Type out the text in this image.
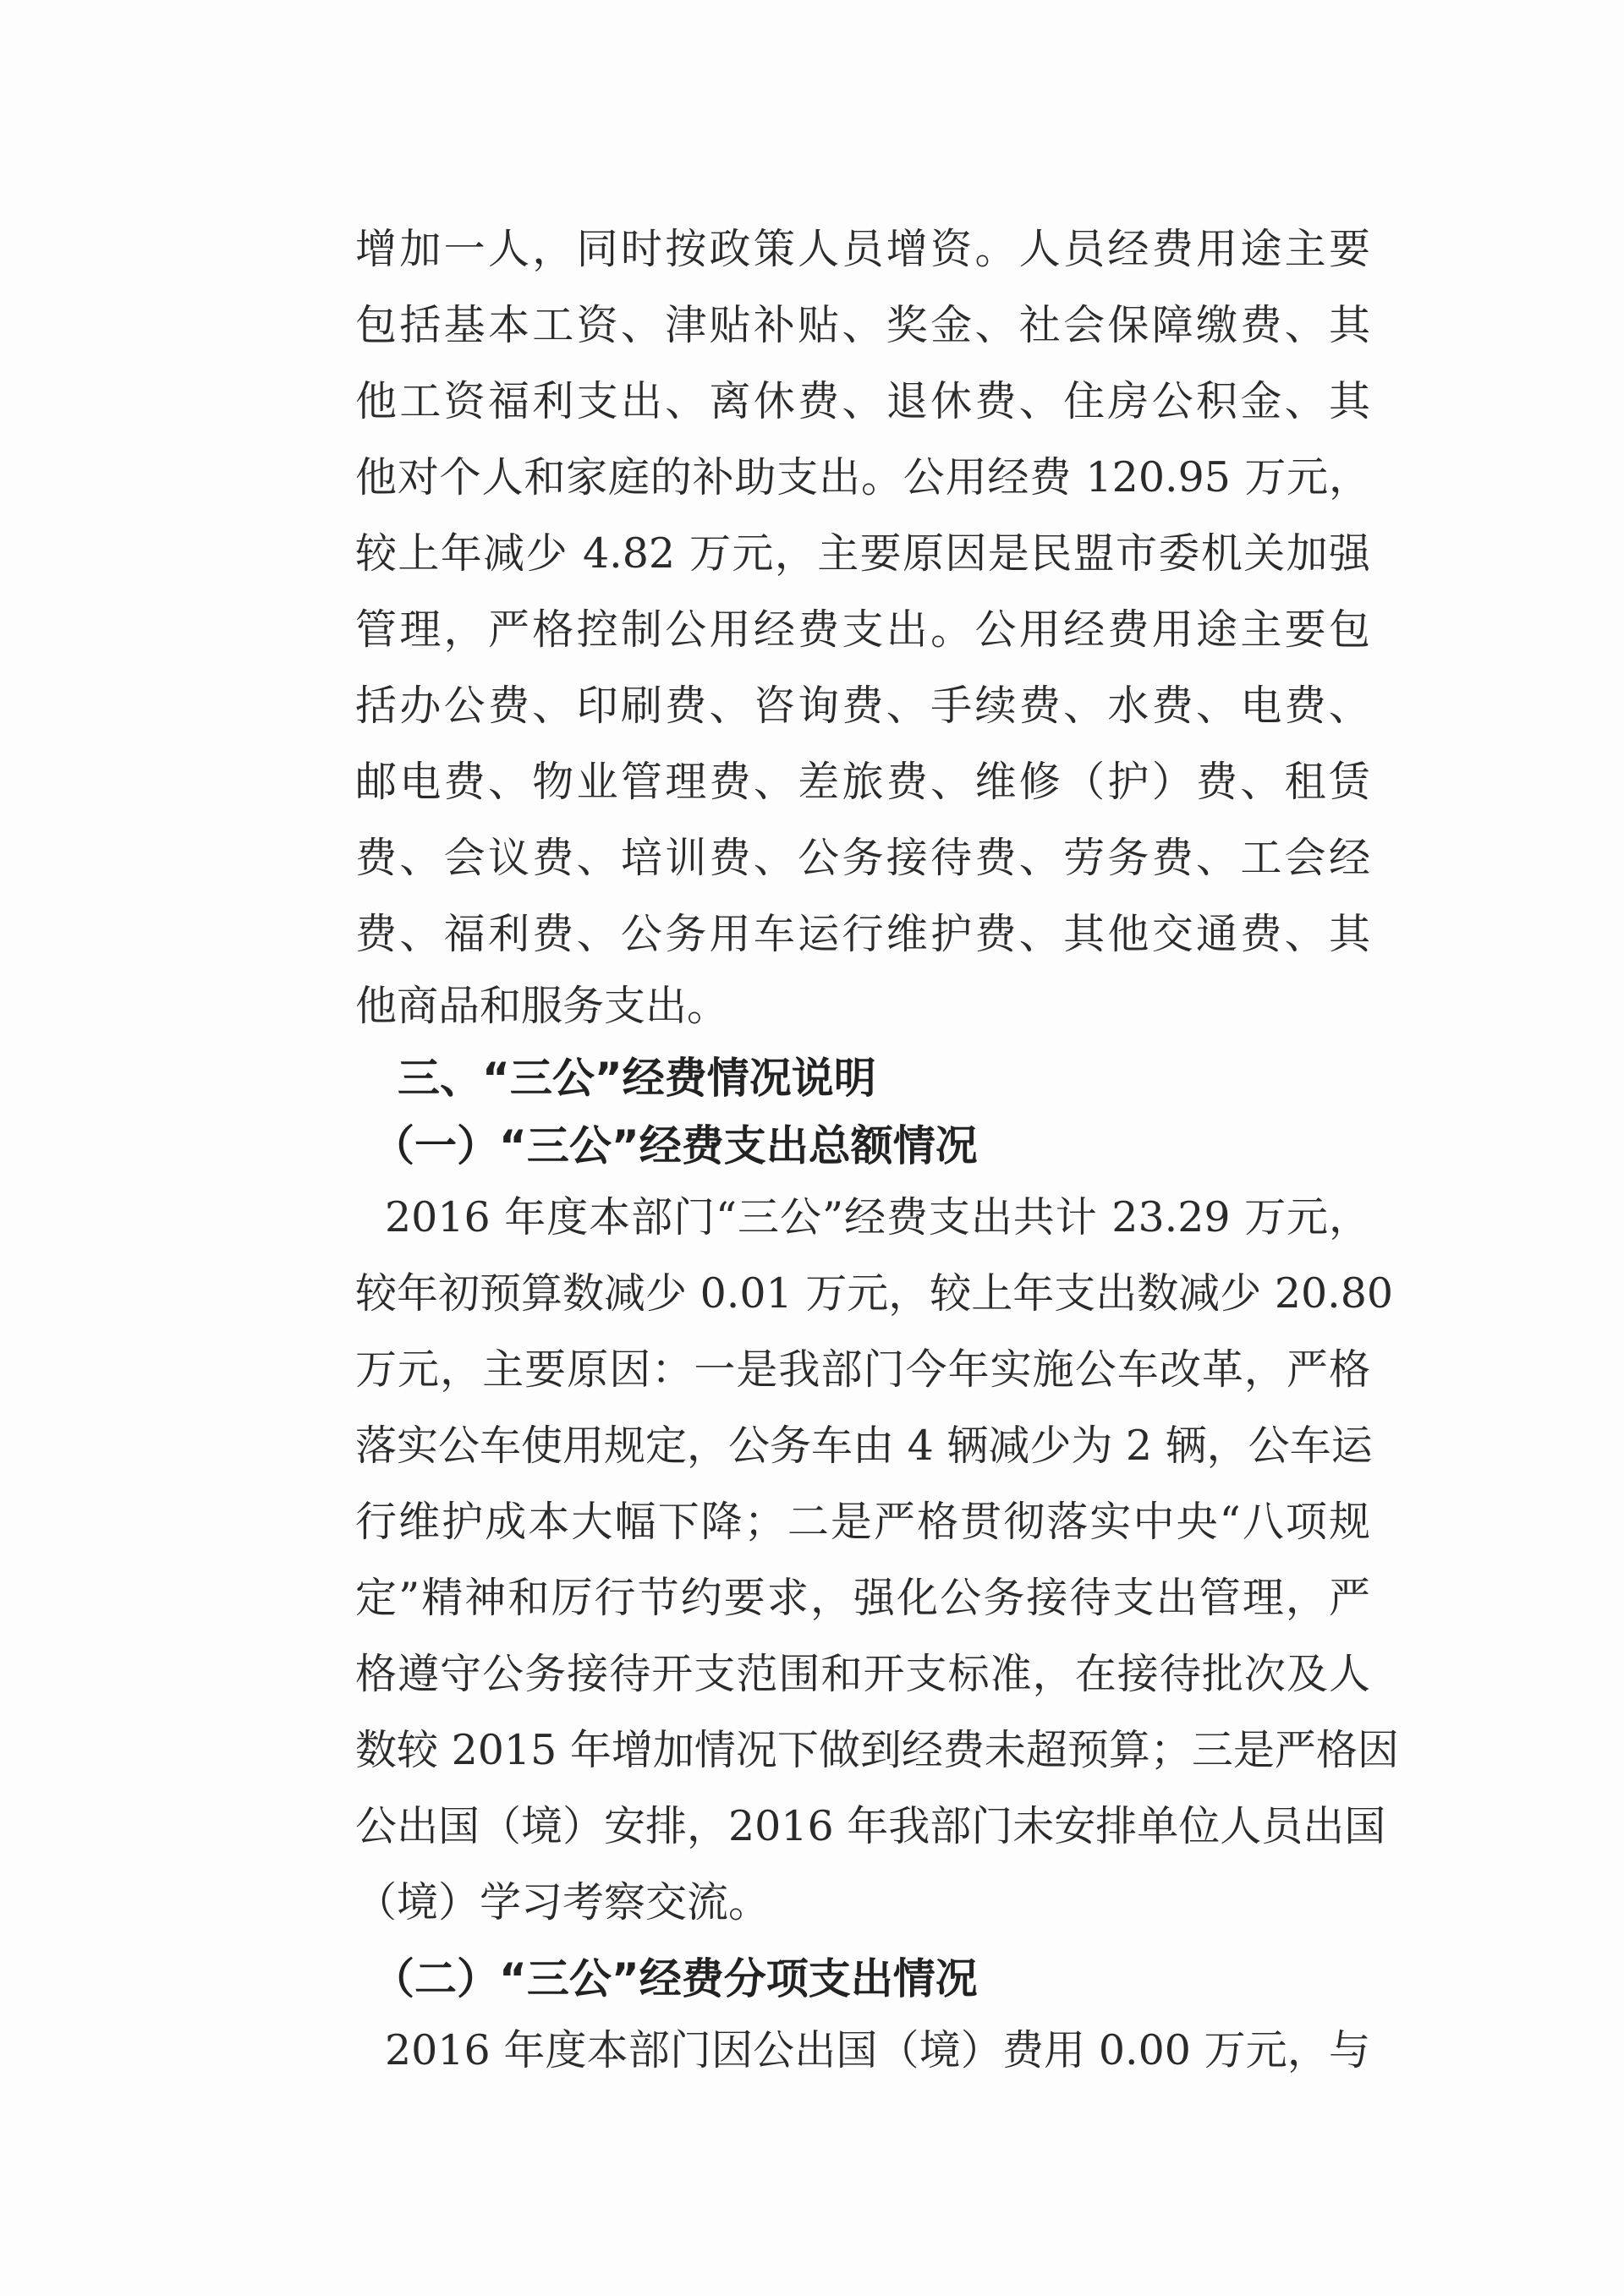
增加一人，同时按政策人员增资。人员经费用途主要

包括基本工资、津贴补贴、奖金、社会保障缴费、其

他工资福利支出、离休费、退休费、住房公积金、其

他对个人和家庭的补助支出。公用经费 120.95 万元，

较上年减少 4.82 万元，主要原因是民盟市委机关加强

管理，严格控制公用经费支出。公用经费用途主要包

括办公费、印刷费、咨询费、手续费、水费、电费、

邮电费、物业管理费、差旅费、维修（护）费、租赁

费、会议费、培训费、公务接待费、劳务费、工会经

费、福利费、公务用车运行维护费、其他交通费、其

他商品和服务支出。

三、“三公”经费情况说明
（一）“三公”经费支出总额情况

2016 年度本部门“三公”经费支出共计 23.29 万元，

较年初预算数减少 0.01 万元，较上年支出数减少 20.80

万元，主要原因：一是我部门今年实施公车改革，严格

落实公车使用规定，公务车由 4 辆减少为 2 辆，公车运

行维护成本大幅下降；二是严格贯彻落实中央“八项规

定”精神和厉行节约要求，强化公务接待支出管理，严

格遵守公务接待开支范围和开支标准，在接待批次及人

数较 2015 年增加情况下做到经费未超预算；三是严格因

公出国（境）安排，2016 年我部门未安排单位人员出国

（境）学习考察交流。

（二）“三公”经费分项支出情况

2016 年度本部门因公出国（境）费用 0.00 万元，与
